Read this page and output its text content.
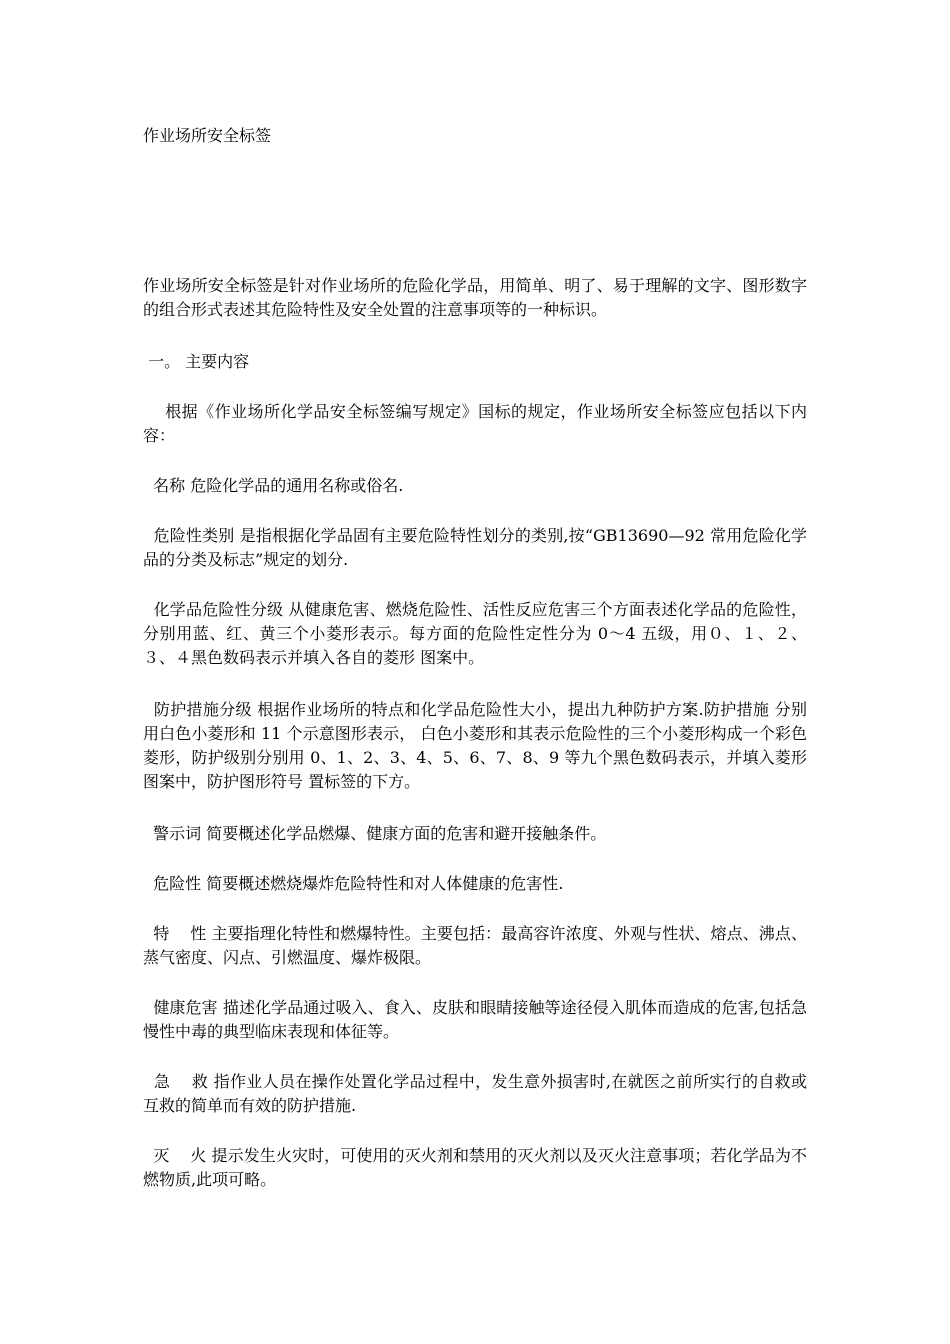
作业场所安全标签
作业场所安全标签是针对作业场所的危险化学品，用简单、明了、易于理解的文字、图形数字的组合形式表述其危险特性及安全处置的注意事项等的一种标识。
一。 主要内容
根据《作业场所化学品安全标签编写规定》国标的规定，作业场所安全标签应包括以下内容：
名称 危险化学品的通用名称或俗名.
危险性类别 是指根据化学品固有主要危险特性划分的类别,按“GB13690—92 常用危险化学品的分类及标志”规定的划分.
化学品危险性分级 从健康危害、燃烧危险性、活性反应危害三个方面表述化学品的危险性，分别用蓝、红、黄三个小菱形表示。每方面的危险性定性分为 0～4 五级，用０、１、２、３、４黑色数码表示并填入各自的菱形 图案中。
防护措施分级 根据作业场所的特点和化学品危险性大小，提出九种防护方案.防护措施 分别用白色小菱形和 11 个示意图形表示， 白色小菱形和其表示危险性的三个小菱形构成一个彩色菱形，防护级别分别用 0、1、2、3、4、5、6、7、8、9 等九个黑色数码表示，并填入菱形图案中，防护图形符号 置标签的下方。
警示词 简要概述化学品燃爆、健康方面的危害和避开接触条件。
危险性 简要概述燃烧爆炸危险特性和对人体健康的危害性.
特    性 主要指理化特性和燃爆特性。主要包括：最高容许浓度、外观与性状、熔点、沸点、蒸气密度、闪点、引燃温度、爆炸极限。
健康危害 描述化学品通过吸入、食入、皮肤和眼睛接触等途径侵入肌体而造成的危害,包括急慢性中毒的典型临床表现和体征等。
急    救 指作业人员在操作处置化学品过程中，发生意外损害时,在就医之前所实行的自救或互救的简单而有效的防护措施.
灭    火 提示发生火灾时，可使用的灭火剂和禁用的灭火剂以及灭火注意事项；若化学品为不燃物质,此项可略。
